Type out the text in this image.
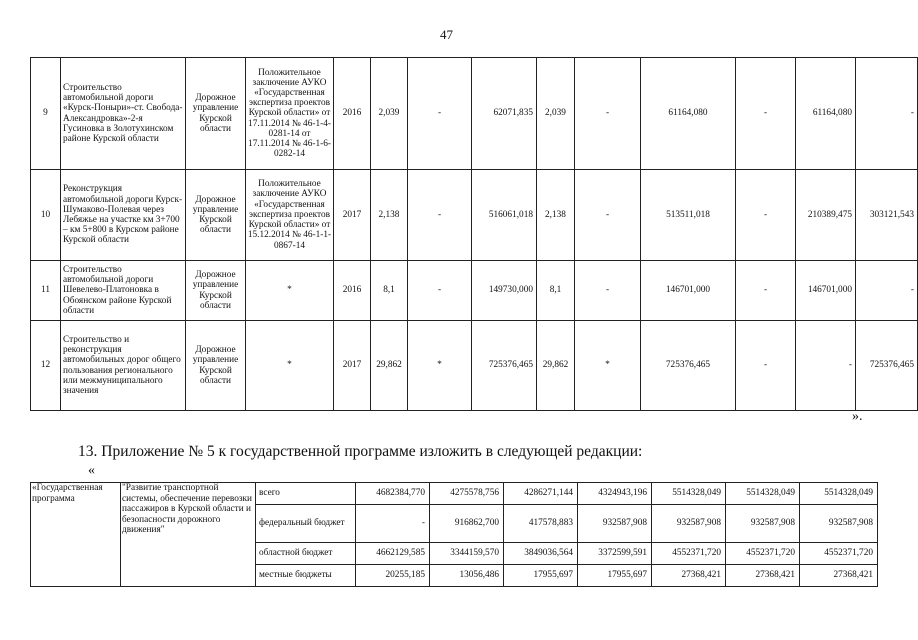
47
9	Строительство автомобильной дороги «Курск-Поныри»-ст. Свобода-Александровка»-2-я Гусиновка в Золотухинском районе Курской области	Дорожное управление Курской области	Положительное заключение АУКО «Государственная экспертиза проектов Курской области» от 17.11.2014 № 46-1-4-0281-14 от 17.11.2014 № 46-1-6-0282-14	2016	2,039	-	62071,835	2,039	-	61164,080	-	61164,080	-
10	Реконструкция автомобильной дороги Курск-Шумаково-Полевая через Лебяжье на участке км 3+700 – км 5+800 в Курском районе Курской области	Дорожное управление Курской области	Положительное заключение АУКО «Государственная экспертиза проектов Курской области» от 15.12.2014 № 46-1-1-0867-14	2017	2,138	-	516061,018	2,138	-	513511,018	-	210389,475	303121,543
11	Строительство автомобильной дороги Шевелево-Платоновка в Обоянском районе Курской области	Дорожное управление Курской области	*	2016	8,1	-	149730,000	8,1	-	146701,000	-	146701,000	-
12	Строительство и реконструкция автомобильных дорог общего пользования регионального или межмуниципального значения	Дорожное управление Курской области	*	2017	29,862	*	725376,465	29,862	*	725376,465	-	-	725376,465
».
13. Приложение № 5 к государственной программе изложить в следующей редакции:
«
«Государственная программа	"Развитие транспортной системы, обеспечение перевозки пассажиров в Курской области и безопасности дорожного движения"	всего	4682384,770	4275578,756	4286271,144	4324943,196	5514328,049	5514328,049	5514328,049
		федеральный бюджет	-	916862,700	417578,883	932587,908	932587,908	932587,908	932587,908
		областной бюджет	4662129,585	3344159,570	3849036,564	3372599,591	4552371,720	4552371,720	4552371,720
		местные бюджеты	20255,185	13056,486	17955,697	17955,697	27368,421	27368,421	27368,421
